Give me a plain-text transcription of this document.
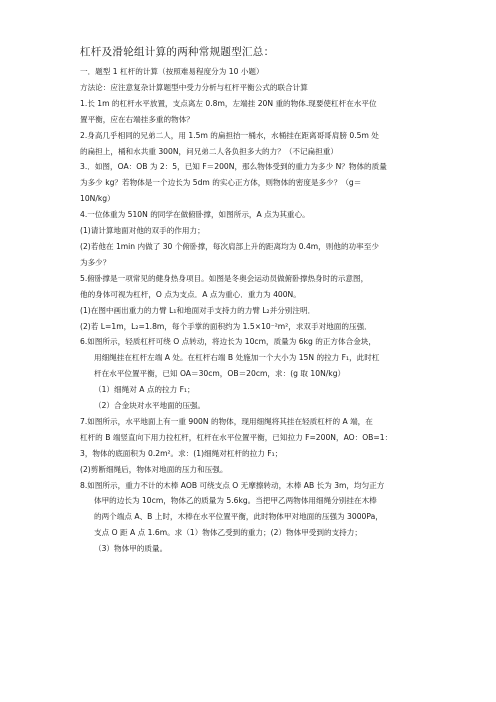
杠杆及滑轮组计算的两种常规题型汇总：

一．题型 1 杠杆的计算（按照难易程度分为 10 小题）

方法论：应注意复杂计算题型中受力分析与杠杆平衡公式的联合计算

1.长 1m 的杠杆水平放置，支点离左 0.8m，左端挂 20N 重的物体.现要使杠杆在水平位

置平衡，应在右端挂多重的物体？

2.身高几乎相同的兄弟二人，用 1.5m 的扁担抬一桶水，水桶挂在距离哥哥肩膀 0.5m 处

的扁担上，桶和水共重 300N，问兄弟二人各负担多大的力？（不记扁担重）

3.．如图，OA：OB 为 2：5，已知 F＝200N，那么物体受到的重力为多少 N？物体的质量

为多少 kg？若物体是一个边长为 5dm 的实心正方体，则物体的密度是多少？（g＝

10N/kg）

4.一位体重为 510N 的同学在做俯卧撑，如图所示，A 点为其重心。

(1)请计算地面对他的双手的作用力；

(2)若他在 1min 内做了 30 个俯卧撑，每次肩部上升的距离均为 0.4m，则他的功率至少

为多少？

5.俯卧撑是一项常见的健身热身项目。如图是冬奥会运动员做俯卧撑热身时的示意图，

他的身体可视为杠杆，O 点为支点．A 点为重心．重力为 400N。

(1)在图中画出重力的力臂 L₁和地面对手支持力的力臂 L₂并分别注明．

(2)若 L=1m，L₂=1.8m，每个手掌的面积约为 1.5×10⁻²m²，求双手对地面的压强．

6.如图所示，轻质杠杆可绕 O 点转动，将边长为 10cm，质量为 6kg 的正方体合金块，

用细绳挂在杠杆左端 A 处。在杠杆右端 B 处施加一个大小为 15N 的拉力 F₁，此时杠

杆在水平位置平衡，已知 OA＝30cm，OB＝20cm，求：(g 取 10N/kg）

（1）细绳对 A 点的拉力 F₁；

（2）合金块对水平地面的压强。

7.如图所示，水平地面上有一重 900N 的物体，现用细绳将其挂在轻质杠杆的 A 端，在

杠杆的 B 端竖直向下用力拉杠杆，杠杆在水平位置平衡，已知拉力 F=200N，AO：OB=1：

3，物体的底面积为 0.2m²。求：(1)细绳对杠杆的拉力 F₁；

(2)剪断细绳后，物体对地面的压力和压强。

8.如图所示，重力不计的木棒 AOB 可绕支点 O 无摩擦转动，木棒 AB 长为 3m，均匀正方

体甲的边长为 10cm，物体乙的质量为 5.6kg。当把甲乙两物体用细绳分别挂在木棒

的两个端点 A、B 上时，木棒在水平位置平衡，此时物体甲对地面的压强为 3000Pa，

支点 O 距 A 点 1.6m。求（1）物体乙受到的重力；(2）物体甲受到的支持力；

（3）物体甲的质量。
